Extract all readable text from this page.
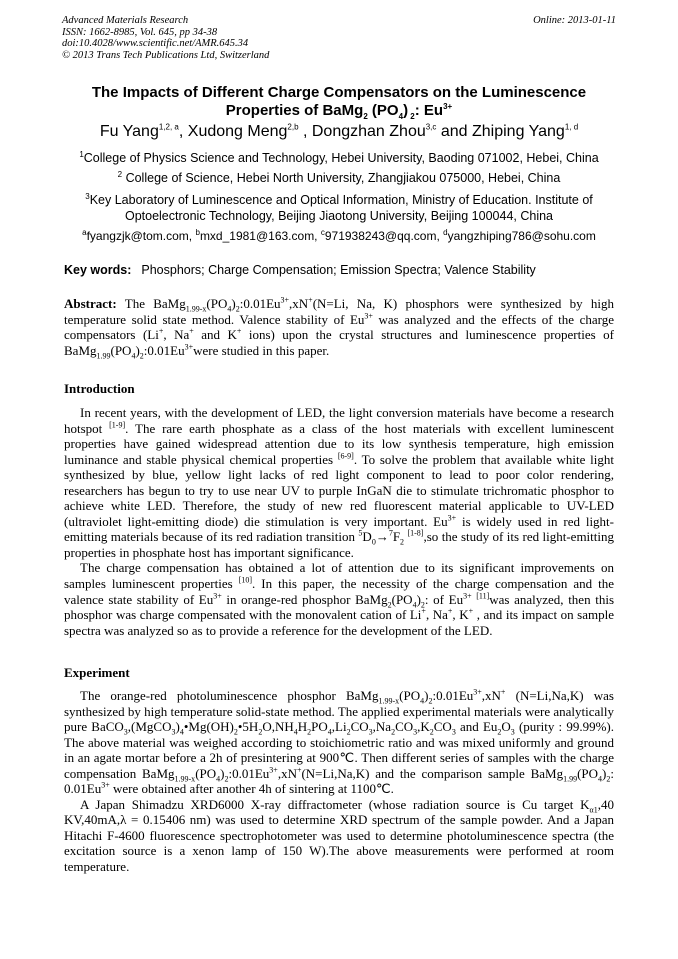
Advanced Materials Research
ISSN: 1662-8985, Vol. 645, pp 34-38
doi:10.4028/www.scientific.net/AMR.645.34
© 2013 Trans Tech Publications Ltd, Switzerland
Online: 2013-01-11
The Impacts of Different Charge Compensators on the Luminescence
Properties of BaMg$_2$ $(PO_4)$ $_2$: $Eu^{3+}$
Fu Yang$^{1,2, a}$, Xudong Meng$^{2,b}$ , Dongzhan Zhou$^{3,c}$ and Zhiping Yang$^{1, d}$
$^1$College of Physics Science and Technology, Hebei University, Baoding 071002, Hebei, China
$^2$ College of Science, Hebei North University, Zhangjiakou 075000, Hebei, China
$^3$Key Laboratory of Luminescence and Optical Information, Ministry of Education. Institute of Optoelectronic Technology, Beijing Jiaotong University, Beijing 100044, China
$^a$fyangzjk@tom.com, $^b$mxd_1981@163.com, $^c$971938243@qq.com, $^d$yangzhiping786@sohu.com
Key words: Phosphors; Charge Compensation; Emission Spectra; Valence Stability

Abstract: The $BaMg_{1.99-x}(PO_4)_2:0.01Eu^{3+},xN^+(N=Li$, Na, K) phosphors were synthesized by high temperature solid state method. Valence stability of $Eu^{3+}$ was analyzed and the effects of the charge compensators (Li+, Na+ and K+ ions) upon the crystal structures and luminescence properties of $BaMg_{1.99}(PO_4)_2:0.01Eu^{3+}were$ studied in this paper.

Introduction

In recent years, with the development of LED, the light conversion materials have become a research hotspot [1-9]. The rare earth phosphate as a class of the host materials with excellent luminescent properties have gained widespread attention due to its low synthesis temperature, high emission luminance and stable physical chemical properties [6-9]. To solve the problem that available white light synthesized by blue, yellow light lacks of red light component to lead to poor color rendering, researchers has begun to try to use near UV to purple InGaN die to stimulate trichromatic phosphor to achieve white LED. Therefore, the study of new red fluorescent material applicable to UV-LED (ultraviolet light-emitting diode) die stimulation is very important. $Eu^{3+}$ is widely used in red light-emitting materials because of its red radiation transition $^5D_0\to^7F_2$ [1-8],so the study of its red light-emitting properties in phosphate host has important significance.

The charge compensation has obtained a lot of attention due to its significant improvements on samples luminescent properties [10]. In this paper, the necessity of the charge compensation and the valence state stability of $Eu^{3+}$ in orange-red phosphor $BaMg_2(PO_4)_2$: of $Eu^{3+}$ [11]was analyzed, then this phosphor was charge compensated with the monovalent cation of Li+, Na+, K+ , and its impact on sample spectra was analyzed so as to provide a reference for the development of the LED.

Experiment

The orange-red photoluminescence phosphor $BaMg_{1.99-x}(PO_4)_2:0.01Eu^{3+},xN^+$ (N=Li,Na,K) was synthesized by high temperature solid-state method. The applied experimental materials were analytically pure $BaCO_3,(MgCO_3)_4•Mg(OH)_2•5H_2O,NH_4H_2PO_4,Li_2CO_3,Na_2CO_3,K_2CO_3$ and $Eu_2O_3$ (purity : 99.99%). The above material was weighed according to stoichiometric ratio and was mixed uniformly and ground in an agate mortar before a 2h of presintering at 900℃. Then different series of samples with the charge compensation $BaMg_{1.99-x}(PO_4)_2:0.01Eu^{3+},xN^+(N=Li,Na,K)$ and the comparison sample $BaMg_{1.99}(PO_4)_2$: $0.01Eu^{3+}$ were obtained after another 4h of sintering at 1100℃.

A Japan Shimadzu XRD6000 X-ray diffractometer (whose radiation source is Cu target $K_{\alpha 1},40$ KV,40mA,λ = 0.15406 nm) was used to determine XRD spectrum of the sample powder. And a Japan Hitachi F-4600 fluorescence spectrophotometer was used to determine photoluminescence spectra (the excitation source is a xenon lamp of 150 W).The above measurements were performed at room temperature.
